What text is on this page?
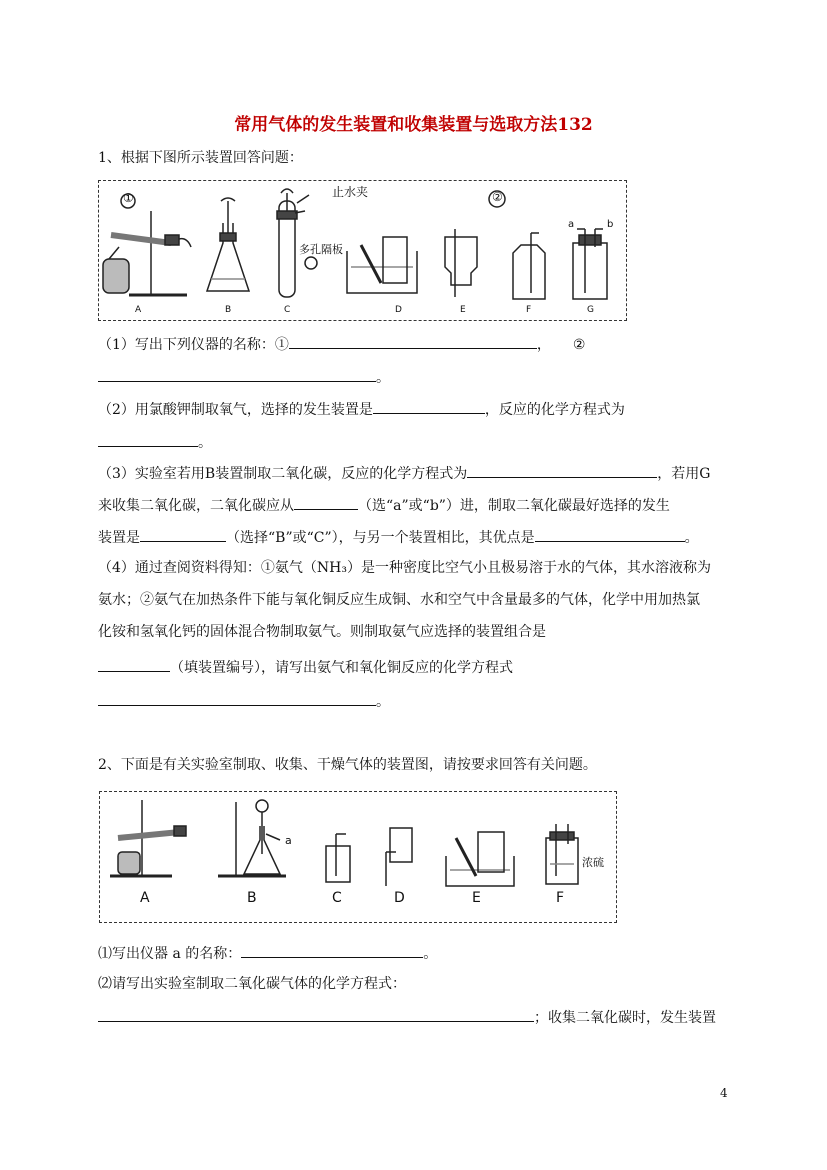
常用气体的发生装置和收集装置与选取方法132
1、根据下图所示装置回答问题：
①	止水夹
多孔隔板
②
a	b
A	B	C	D	E	F	G
（1）写出下列仪器的名称：①	， ②
。
（2）用氯酸钾制取氧气，选择的发生装置是	，反应的化学方程式为
。
（3）实验室若用B装置制取二氧化碳，反应的化学方程式为	，若用G
来收集二氧化碳，二氧化碳应从	（选“a”或“b”）进，制取二氧化碳最好选择的发生
装置是	（选择“B”或“C”），与另一个装置相比，其优点是	。
（4）通过查阅资料得知：①氨气（NH₃）是一种密度比空气小且极易溶于水的气体，其水溶液称为
氨水；②氨气在加热条件下能与氧化铜反应生成铜、水和空气中含量最多的气体，化学中用加热氯
化铵和氢氧化钙的固体混合物制取氨气。则制取氨气应选择的装置组合是
（填装置编号），请写出氨气和氧化铜反应的化学方程式
。
2、下面是有关实验室制取、收集、干燥气体的装置图，请按要求回答有关问题。
a
浓硫
A	B	C	D	E	F
⑴写出仪器 a 的名称：	。
⑵请写出实验室制取二氧化碳气体的化学方程式：
；收集二氧化碳时，发生装置
4
